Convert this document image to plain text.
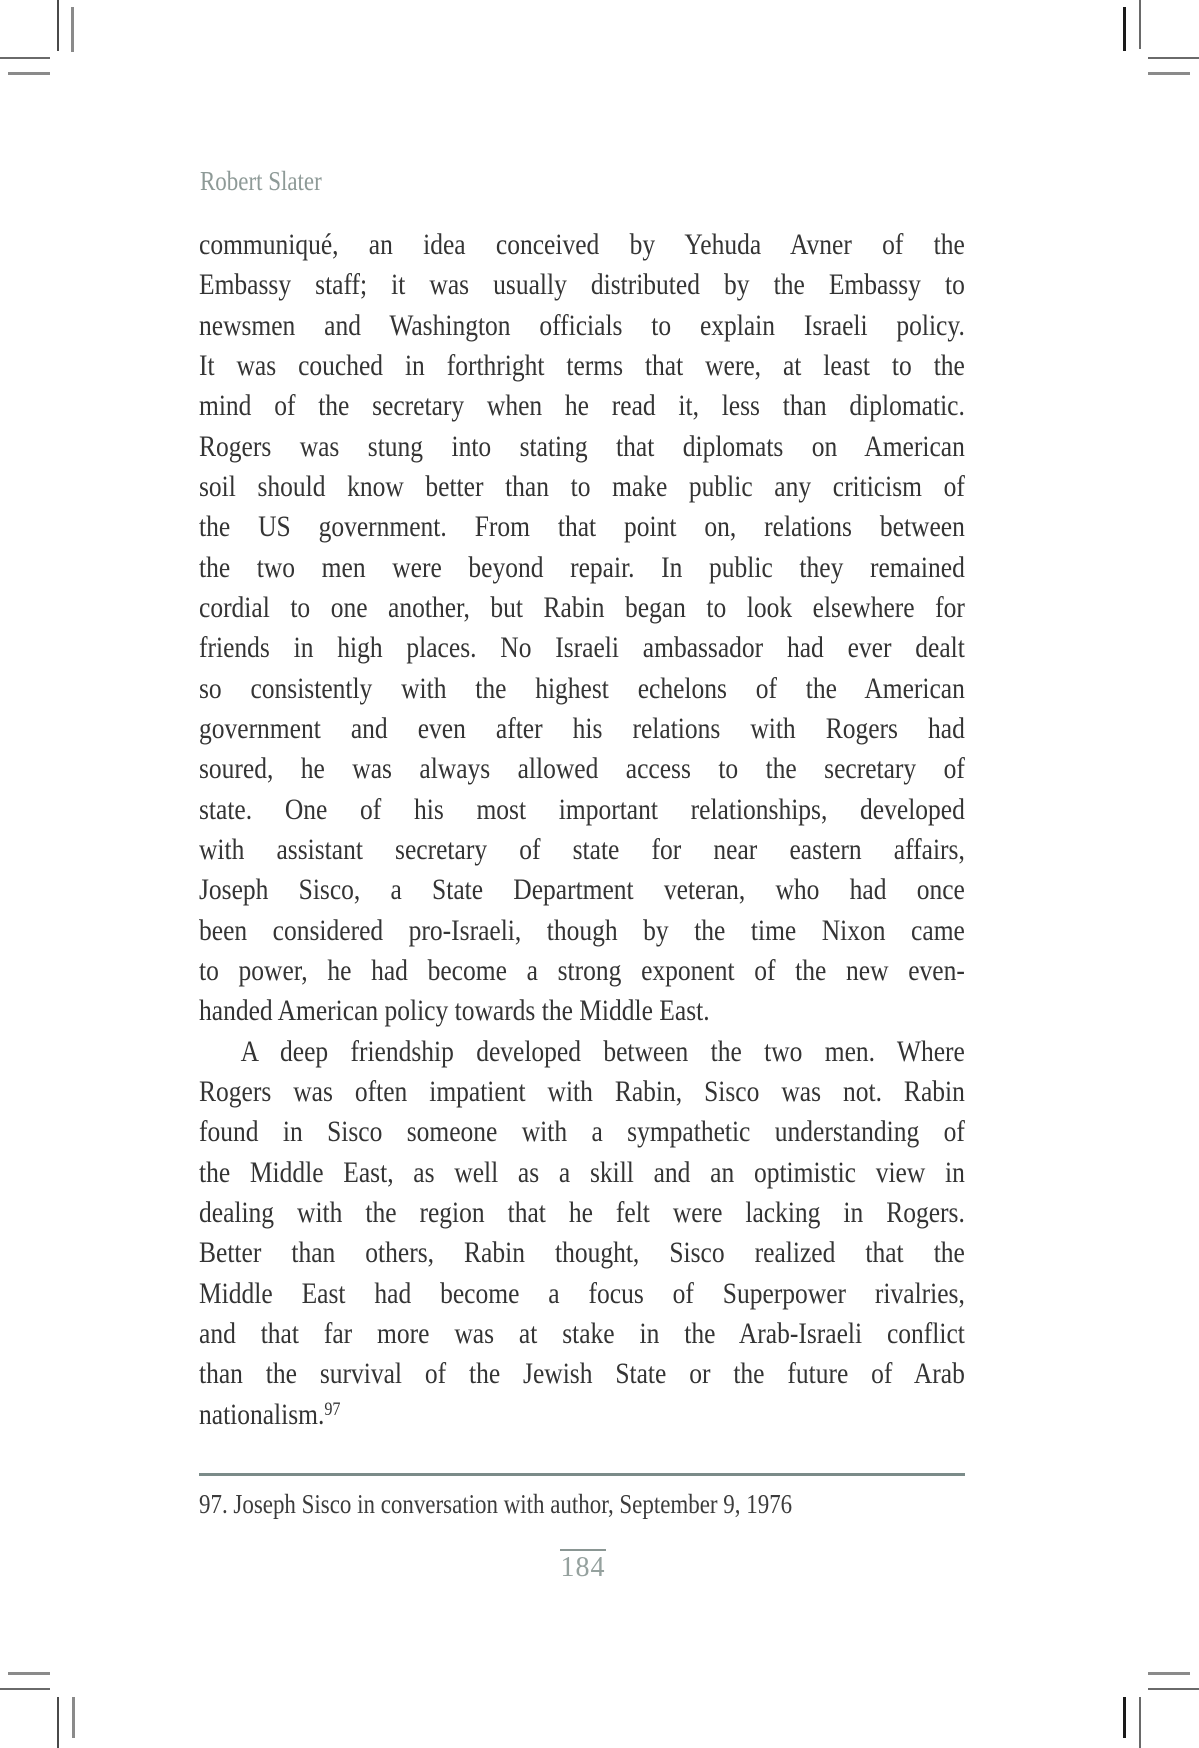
Robert Slater
communiqué, an idea conceived by Yehuda Avner of the
Embassy staff; it was usually distributed by the Embassy to
newsmen and Washington officials to explain Israeli policy.
It was couched in forthright terms that were, at least to the
mind of the secretary when he read it, less than diplomatic.
Rogers was stung into stating that diplomats on American
soil should know better than to make public any criticism of
the US government. From that point on, relations between
the two men were beyond repair. In public they remained
cordial to one another, but Rabin began to look elsewhere for
friends in high places. No Israeli ambassador had ever dealt
so consistently with the highest echelons of the American
government and even after his relations with Rogers had
soured, he was always allowed access to the secretary of
state. One of his most important relationships, developed
with assistant secretary of state for near eastern affairs,
Joseph Sisco, a State Department veteran, who had once
been considered pro-Israeli, though by the time Nixon came
to power, he had become a strong exponent of the new even-
handed American policy towards the Middle East.
A deep friendship developed between the two men. Where
Rogers was often impatient with Rabin, Sisco was not. Rabin
found in Sisco someone with a sympathetic understanding of
the Middle East, as well as a skill and an optimistic view in
dealing with the region that he felt were lacking in Rogers.
Better than others, Rabin thought, Sisco realized that the
Middle East had become a focus of Superpower rivalries,
and that far more was at stake in the Arab-Israeli conflict
than the survival of the Jewish State or the future of Arab
nationalism.$^{97}$
97. Joseph Sisco in conversation with author, September 9, 1976
184
